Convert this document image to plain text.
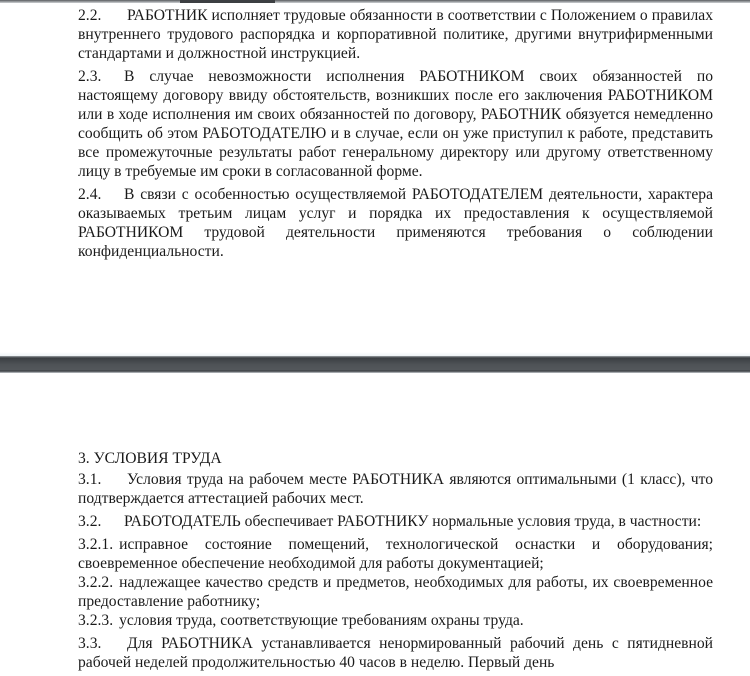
2.2. РАБОТНИК исполняет трудовые обязанности в соответствии с Положением о правилах внутреннего трудового распорядка и корпоративной политике, другими внутрифирменными стандартами и должностной инструкцией.

2.3. В случае невозможности исполнения РАБОТНИКОМ своих обязанностей по настоящему договору ввиду обстоятельств, возникших после его заключения РАБОТНИКОМ или в ходе исполнения им своих обязанностей по договору, РАБОТНИК обязуется немедленно сообщить об этом РАБОТОДАТЕЛЮ и в случае, если он уже приступил к работе, представить все промежуточные результаты работ генеральному директору или другому ответственному лицу в требуемые им сроки в согласованной форме.

2.4. В связи с особенностью осуществляемой РАБОТОДАТЕЛЕМ деятельности, характера оказываемых третьим лицам услуг и порядка их предоставления к осуществляемой РАБОТНИКОМ трудовой деятельности применяются требования о соблюдении конфиденциальности.

3. УСЛОВИЯ ТРУДА

3.1. Условия труда на рабочем месте РАБОТНИКА являются оптимальными (1 класс), что подтверждается аттестацией рабочих мест.

3.2. РАБОТОДАТЕЛЬ обеспечивает РАБОТНИКУ нормальные условия труда, в частности:

3.2.1. исправное состояние помещений, технологической оснастки и оборудования; своевременное обеспечение необходимой для работы документацией;

3.2.2. надлежащее качество средств и предметов, необходимых для работы, их своевременное предоставление работнику;

3.2.3. условия труда, соответствующие требованиям охраны труда.

3.3. Для РАБОТНИКА устанавливается ненормированный рабочий день с пятидневной рабочей неделей продолжительностью 40 часов в неделю. Первый день
